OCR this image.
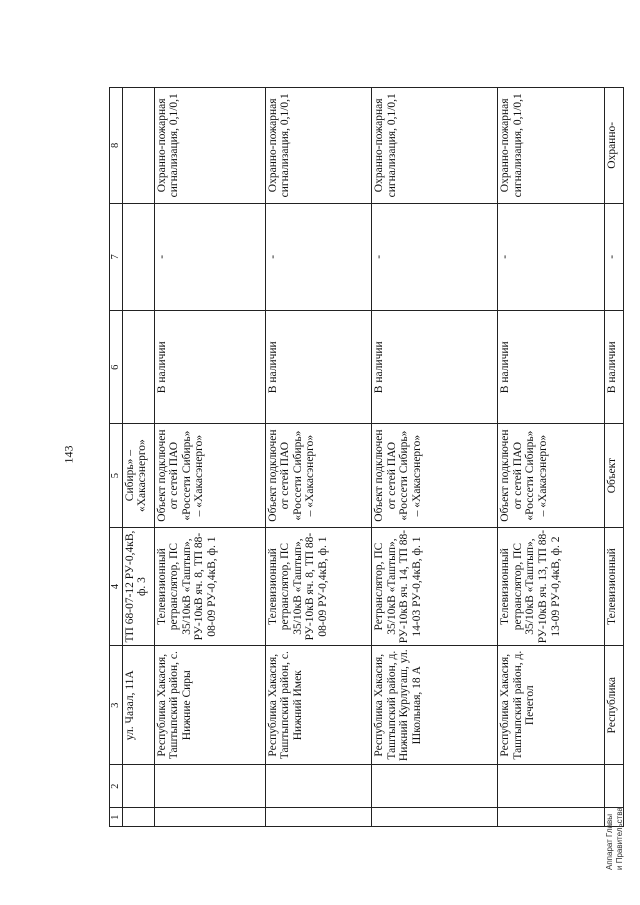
143
1	2	3	4	5	6	7	8
		ул. Чазал, 11А	ТП 68-07-12 РУ-0,4кВ, ф. 3	Сибирь» – «Хакасэнерго»			
		Республика Хакасия, Таштыпский район, с. Нижние Сиры	Телевизионный ретранслятор, ПС 35/10кВ «Таштып», РУ-10кВ яч. 8, ТП 88-08-09 РУ-0,4кВ, ф. 1	Объект подключен от сетей ПАО «Россети Сибирь» – «Хакасэнерго»	В наличии	-	Охранно-пожарная сигнализация, 0,1/0,1
		Республика Хакасия, Таштыпский район, с. Нижний Имек	Телевизионный ретранслятор, ПС 35/10кВ «Таштып», РУ-10кВ яч. 8, ТП 88-08-09 РУ-0,4кВ, ф. 1	Объект подключен от сетей ПАО «Россети Сибирь» – «Хакасэнерго»	В наличии	-	Охранно-пожарная сигнализация, 0,1/0,1
		Республика Хакасия, Таштыпский район, д. Нижний Курлугаш, ул. Школьная, 18 А	Ретранслятор, ПС 35/10кВ «Таштып», РУ-10кВ яч. 14, ТП 88-14-03 РУ-0,4кВ, ф. 1	Объект подключен от сетей ПАО «Россети Сибирь» – «Хакасэнерго»	В наличии	-	Охранно-пожарная сигнализация, 0,1/0,1
		Республика Хакасия, Таштыпский район, д. Печегол	Телевизионный ретранслятор, ПС 35/10кВ «Таштып», РУ-10кВ яч. 13, ТП 88-13-09 РУ-0,4кВ, ф. 2	Объект подключен от сетей ПАО «Россети Сибирь» – «Хакасэнерго»	В наличии	-	Охранно-пожарная сигнализация, 0,1/0,1
		Республика	Телевизионный	Объект	В наличии	-	Охранно-
Аппарат Главы и Правительства
